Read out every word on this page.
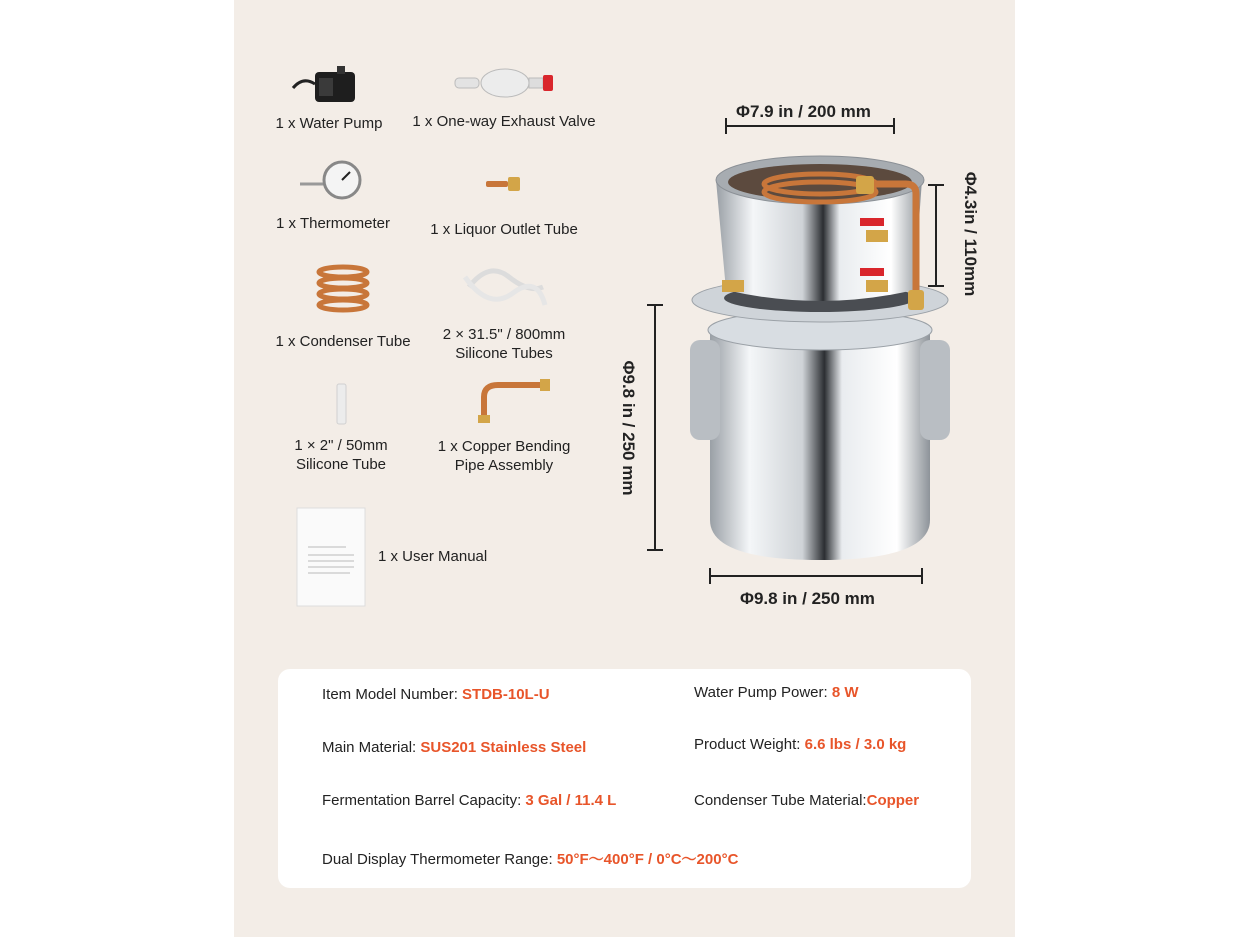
1 x Water Pump	1 x One-way Exhaust Valve
1 x Thermometer	1 x Liquor Outlet Tube
1 x Condenser Tube	2 × 31.5" / 800mm
Silicone Tubes
1 × 2" / 50mm
Silicone Tube
1 x Copper Bending
Pipe Assembly
1 x User Manual
Φ7.9 in / 200 mm
Φ4.3in / 110mm
Φ9.8 in / 250 mm
Φ9.8 in / 250 mm
Item Model Number: STDB-10L-U	Water Pump Power: 8 W
Main Material: SUS201 Stainless Steel	Product Weight: 6.6 lbs / 3.0 kg
Fermentation Barrel Capacity: 3 Gal / 11.4 L	Condenser Tube Material:Copper
Dual Display Thermometer Range: 50°F～400°F / 0°C～200°C
